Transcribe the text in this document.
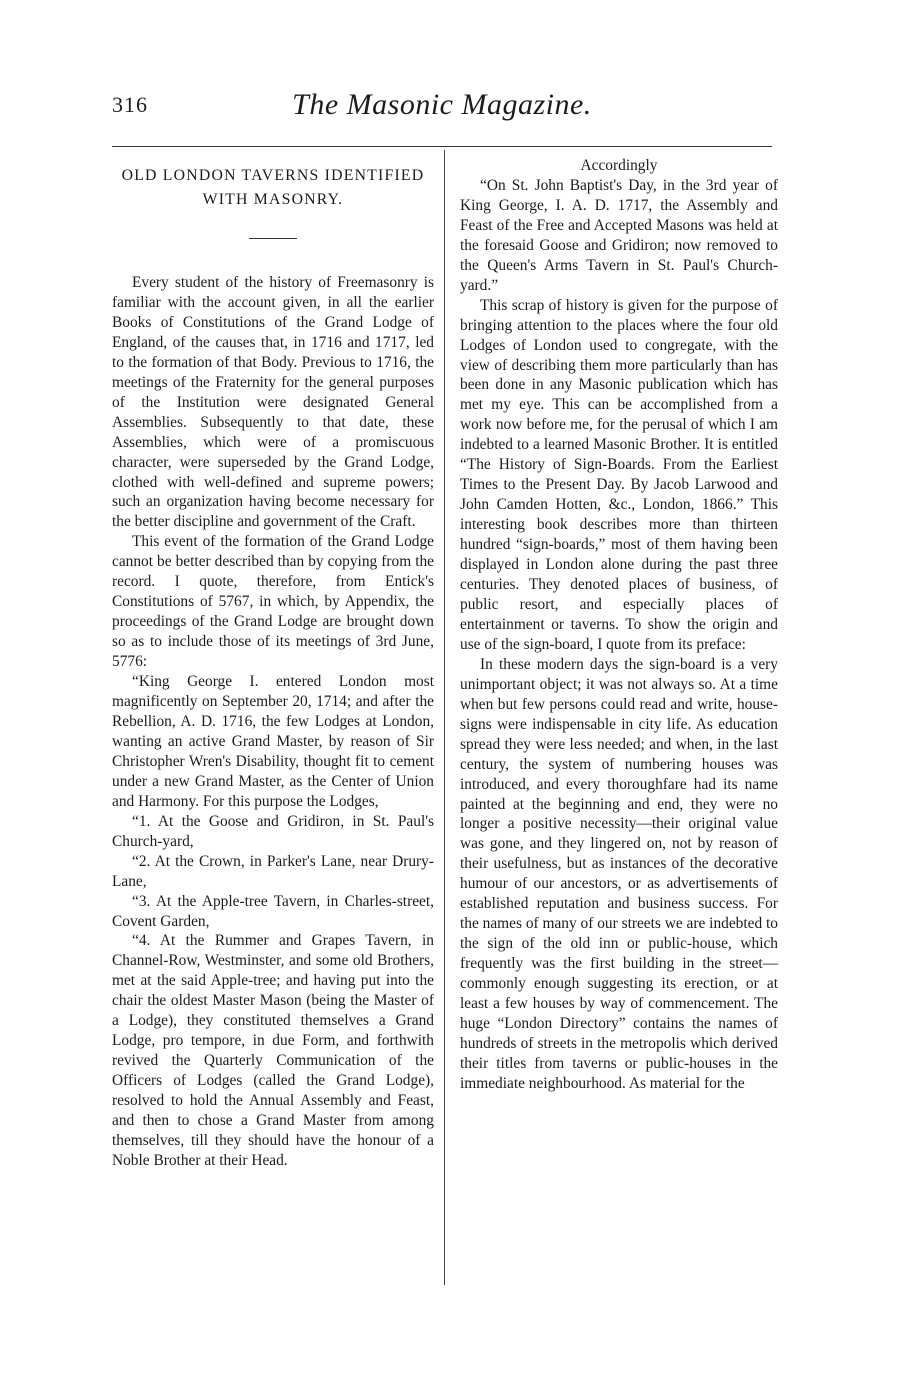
316	The Masonic Magazine.
OLD LONDON TAVERNS IDENTIFIED WITH MASONRY.

Every student of the history of Freemasonry is familiar with the account given, in all the earlier Books of Constitutions of the Grand Lodge of England, of the causes that, in 1716 and 1717, led to the formation of that Body. Previous to 1716, the meetings of the Fraternity for the general purposes of the Institution were designated General Assemblies. Subsequently to that date, these Assemblies, which were of a promiscuous character, were superseded by the Grand Lodge, clothed with well-defined and supreme powers; such an organization having become necessary for the better discipline and government of the Craft.

This event of the formation of the Grand Lodge cannot be better described than by copying from the record. I quote, therefore, from Entick's Constitutions of 5767, in which, by Appendix, the proceedings of the Grand Lodge are brought down so as to include those of its meetings of 3rd June, 5776:

“King George I. entered London most magnificently on September 20, 1714; and after the Rebellion, A. D. 1716, the few Lodges at London, wanting an active Grand Master, by reason of Sir Christopher Wren's Disability, thought fit to cement under a new Grand Master, as the Center of Union and Harmony. For this purpose the Lodges,

“1. At the Goose and Gridiron, in St. Paul's Church-yard,

“2. At the Crown, in Parker's Lane, near Drury-Lane,

“3. At the Apple-tree Tavern, in Charles-street, Covent Garden,

“4. At the Rummer and Grapes Tavern, in Channel-Row, Westminster, and some old Brothers, met at the said Apple-tree; and having put into the chair the oldest Master Mason (being the Master of a Lodge), they constituted themselves a Grand Lodge, pro tempore, in due Form, and forthwith revived the Quarterly Communication of the Officers of Lodges (called the Grand Lodge), resolved to hold the Annual Assembly and Feast, and then to chose a Grand Master from among themselves, till they should have the honour of a Noble Brother at their Head.

Accordingly

“On St. John Baptist's Day, in the 3rd year of King George, I. A. D. 1717, the Assembly and Feast of the Free and Accepted Masons was held at the foresaid Goose and Gridiron; now removed to the Queen's Arms Tavern in St. Paul's Church-yard.”

This scrap of history is given for the purpose of bringing attention to the places where the four old Lodges of London used to congregate, with the view of describing them more particularly than has been done in any Masonic publication which has met my eye. This can be accomplished from a work now before me, for the perusal of which I am indebted to a learned Masonic Brother. It is entitled “The History of Sign-Boards. From the Earliest Times to the Present Day. By Jacob Larwood and John Camden Hotten, &c., London, 1866.” This interesting book describes more than thirteen hundred “sign-boards,” most of them having been displayed in London alone during the past three centuries. They denoted places of business, of public resort, and especially places of entertainment or taverns. To show the origin and use of the sign-board, I quote from its preface:

In these modern days the sign-board is a very unimportant object; it was not always so. At a time when but few persons could read and write, house-signs were indispensable in city life. As education spread they were less needed; and when, in the last century, the system of numbering houses was introduced, and every thoroughfare had its name painted at the beginning and end, they were no longer a positive necessity—their original value was gone, and they lingered on, not by reason of their usefulness, but as instances of the decorative humour of our ancestors, or as advertisements of established reputation and business success. For the names of many of our streets we are indebted to the sign of the old inn or public-house, which frequently was the first building in the street—commonly enough suggesting its erection, or at least a few houses by way of commencement. The huge “London Directory” contains the names of hundreds of streets in the metropolis which derived their titles from taverns or public-houses in the immediate neighbourhood. As material for the
